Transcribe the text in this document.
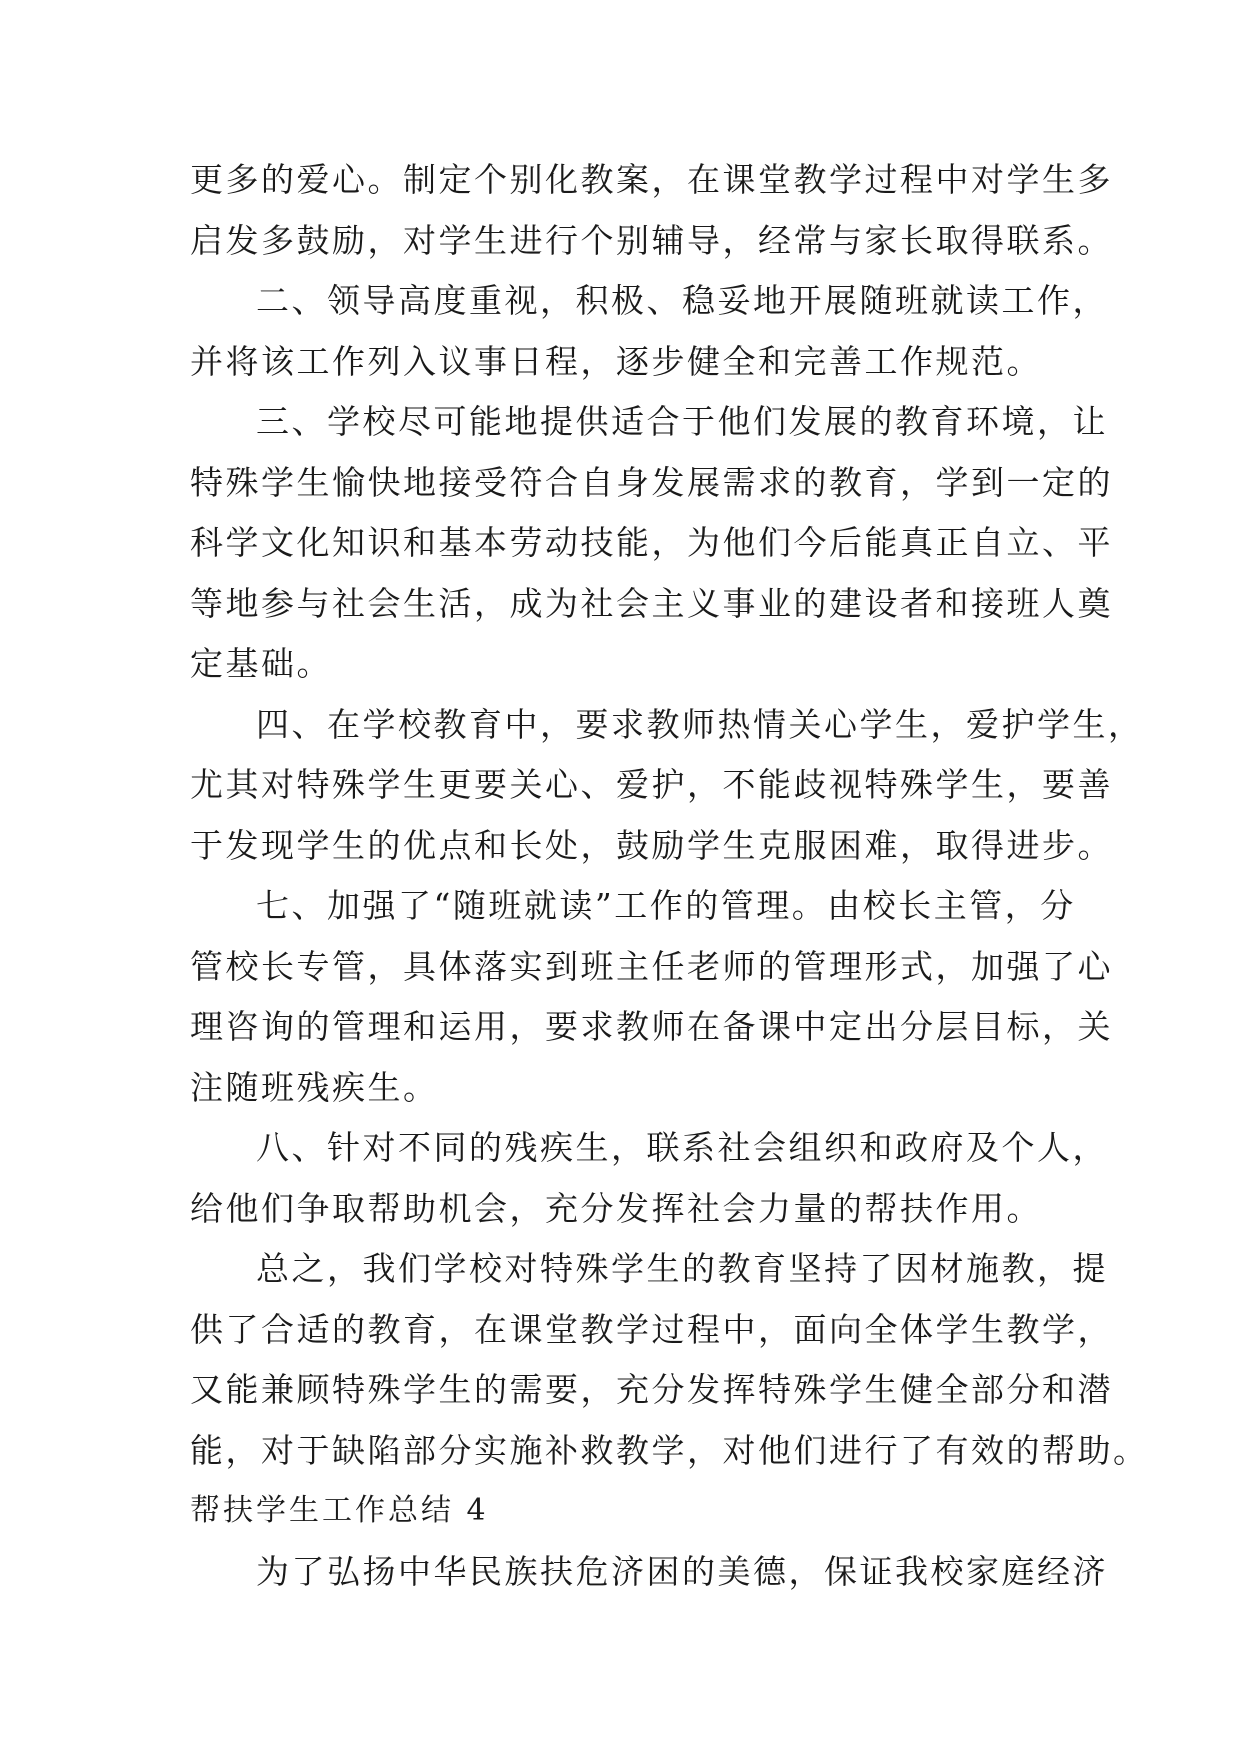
更多的爱心。制定个别化教案，在课堂教学过程中对学生多
启发多鼓励，对学生进行个别辅导，经常与家长取得联系。
二、领导高度重视，积极、稳妥地开展随班就读工作，
并将该工作列入议事日程，逐步健全和完善工作规范。
三、学校尽可能地提供适合于他们发展的教育环境，让
特殊学生愉快地接受符合自身发展需求的教育，学到一定的
科学文化知识和基本劳动技能，为他们今后能真正自立、平
等地参与社会生活，成为社会主义事业的建设者和接班人奠
定基础。
四、在学校教育中，要求教师热情关心学生，爱护学生，
尤其对特殊学生更要关心、爱护，不能歧视特殊学生，要善
于发现学生的优点和长处，鼓励学生克服困难，取得进步。
七、加强了“随班就读”工作的管理。由校长主管，分
管校长专管，具体落实到班主任老师的管理形式，加强了心
理咨询的管理和运用，要求教师在备课中定出分层目标，关
注随班残疾生。
八、针对不同的残疾生，联系社会组织和政府及个人，
给他们争取帮助机会，充分发挥社会力量的帮扶作用。
总之，我们学校对特殊学生的教育坚持了因材施教，提
供了合适的教育，在课堂教学过程中，面向全体学生教学，
又能兼顾特殊学生的需要，充分发挥特殊学生健全部分和潜
能，对于缺陷部分实施补救教学，对他们进行了有效的帮助。
帮扶学生工作总结 4
为了弘扬中华民族扶危济困的美德，保证我校家庭经济
